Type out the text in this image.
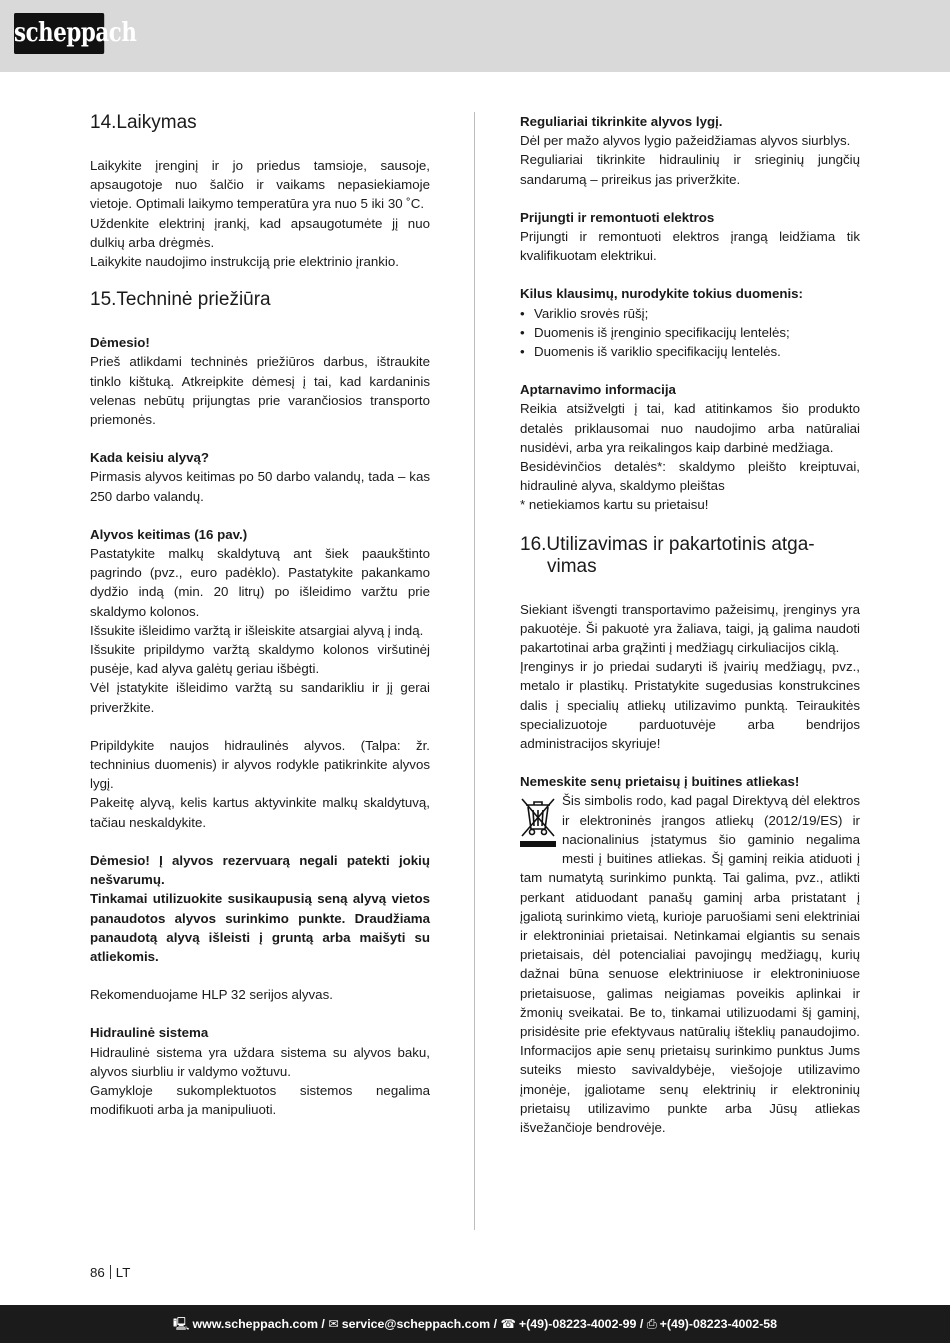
scheppach
14.Laikymas

Laikykite įrenginį ir jo priedus tamsioje, sausoje, apsaugotoje nuo šalčio ir vaikams nepasiekiamoje vietoje. Optimali laikymo temperatūra yra nuo 5 iki 30 ˚C.

Uždenkite elektrinį įrankį, kad apsaugotumėte jį nuo dulkių arba drėgmės.

Laikykite naudojimo instrukciją prie elektrinio įrankio.

15.Techninė priežiūra

Dėmesio!

Prieš atlikdami techninės priežiūros darbus, ištraukite tinklo kištuką. Atkreipkite dėmesį į tai, kad kardaninis velenas nebūtų prijungtas prie varančiosios transporto priemonės.

Kada keisiu alyvą?

Pirmasis alyvos keitimas po 50 darbo valandų, tada – kas 250 darbo valandų.

Alyvos keitimas (16 pav.)

Pastatykite malkų skaldytuvą ant šiek paaukštinto pagrindo (pvz., euro padėklo). Pastatykite pakankamo dydžio indą (min. 20 litrų) po išleidimo varžtu prie skaldymo kolonos.

Išsukite išleidimo varžtą ir išleiskite atsargiai alyvą į indą.

Išsukite pripildymo varžtą skaldymo kolonos viršutinėj pusėje, kad alyva galėtų geriau išbėgti.

Vėl įstatykite išleidimo varžtą su sandarikliu ir jį gerai priveržkite.

Pripildykite naujos hidraulinės alyvos. (Talpa: žr. techninius duomenis) ir alyvos rodykle patikrinkite alyvos lygį.

Pakeitę alyvą, kelis kartus aktyvinkite malkų skaldytuvą, tačiau neskaldykite.

Dėmesio! Į alyvos rezervuarą negali patekti jokių nešvarumų.

Tinkamai utilizuokite susikaupusią seną alyvą vietos panaudotos alyvos surinkimo punkte. Draudžiama panaudotą alyvą išleisti į gruntą arba maišyti su atliekomis.

Rekomenduojame HLP 32 serijos alyvas.

Hidraulinė sistema

Hidraulinė sistema yra uždara sistema su alyvos baku, alyvos siurbliu ir valdymo vožtuvu.

Gamykloje sukomplektuotos sistemos negalima modifikuoti arba ja manipuliuoti.

Reguliariai tikrinkite alyvos lygį.

Dėl per mažo alyvos lygio pažeidžiamas alyvos siurblys.

Reguliariai tikrinkite hidraulinių ir srieginių jungčių sandarumą – prireikus jas priveržkite.

Prijungti ir remontuoti elektros

Prijungti ir remontuoti elektros įrangą leidžiama tik kvalifikuotam elektrikui.

Kilus klausimų, nurodykite tokius duomenis:

• Variklio srovės rūšį;
• Duomenis iš įrenginio specifikacijų lentelės;
• Duomenis iš variklio specifikacijų lentelės.

Aptarnavimo informacija

Reikia atsižvelgti į tai, kad atitinkamos šio produkto detalės priklausomai nuo naudojimo arba natūraliai nusidėvi, arba yra reikalingos kaip darbinė medžiaga.

Besidėvinčios detalės*: skaldymo pleišto kreiptuvai, hidraulinė alyva, skaldymo pleištas

* netiekiamos kartu su prietaisu!

16.Utilizavimas ir pakartotinis atga-
vimas

Siekiant išvengti transportavimo pažeisimų, įrenginys yra pakuotėje. Ši pakuotė yra žaliava, taigi, ją galima naudoti pakartotinai arba grąžinti į medžiagų cirkuliacijos ciklą.

Įrenginys ir jo priedai sudaryti iš įvairių medžiagų, pvz., metalo ir plastikų. Pristatykite sugedusias konstrukcines dalis į specialių atliekų utilizavimo punktą. Teiraukitės specializuotoje parduotuvėje arba bendrijos administracijos skyriuje!

Nemeskite senų prietaisų į buitines atliekas!

Šis simbolis rodo, kad pagal Direktyvą dėl elektros ir elektroninės įrangos atliekų (2012/19/ES) ir nacionalinius įstatymus šio gaminio negalima mesti į buitines atliekas. Šį gaminį reikia atiduoti į tam numatytą surinkimo punktą. Tai galima, pvz., atlikti perkant atiduodant panašų gaminį arba pristatant į įgaliotą surinkimo vietą, kurioje paruošiami seni elektriniai ir elektroniniai prietaisai. Netinkamai elgiantis su senais prietaisais, dėl potencialiai pavojingų medžiagų, kurių dažnai būna senuose elektriniuose ir elektroniniuose prietaisuose, galimas neigiamas poveikis aplinkai ir žmonių sveikatai. Be to, tinkamai utilizuodami šį gaminį, prisidėsite prie efektyvaus natūralių išteklių panaudojimo. Informacijos apie senų prietaisų surinkimo punktus Jums suteiks miesto savivaldybėje, viešojoje utilizavimo įmonėje, įgaliotame senų elektrinių ir elektroninių prietaisų utilizavimo punkte arba Jūsų atliekas išvežančioje bendrovėje.

86 LT
🖳 www.scheppach.com / ✉ service@scheppach.com / ☎ +(49)-08223-4002-99 / ⎙ +(49)-08223-4002-58
